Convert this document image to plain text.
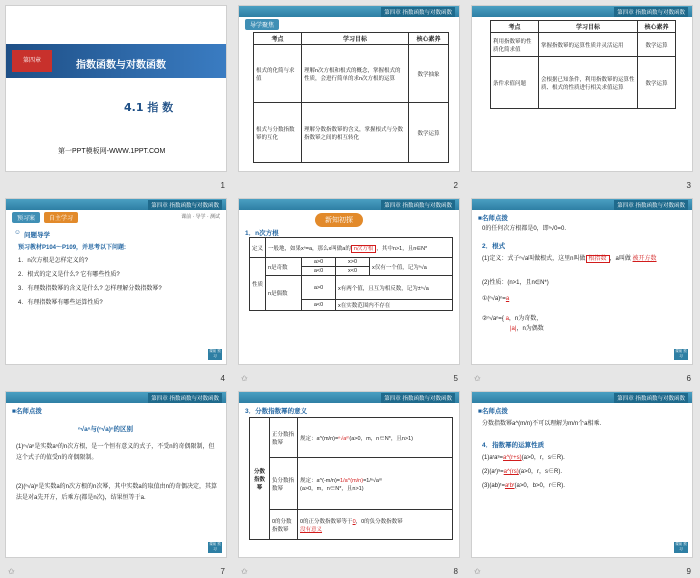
第四章	指数函数与对数函数
4.1 指 数
第一PPT模板网-WWW.1PPT.COM
1
第四章 指数函数与对数函数
导学聚焦
考点	学习目标	核心素养
根式的化简与求值	理解n次方根和根式的概念，掌握根式的性质，会进行简单的求n次方根的运算	数学抽象
根式与分数指数幂的互化	理解分数指数幂的含义，掌握根式与分数指数幂之间的相互转化	数学运算
2
第四章 指数函数与对数函数
考点	学习目标	核心素养
利用指数幂的性质化简求值	掌握指数幂的运算性质并灵活运用	数学运算
条件求值问题	会根据已知条件，利用指数幂的运算性质、根式的性质进行相关求值运算	数学运算
3
第四章 指数函数与对数函数
预习案	自主学习	课前 · 导学 · 测试
☺ 问题导学
预习教材P104～P109，并思考以下问题:
1．n次方根是怎样定义的?
2．根式的定义是什么? 它有哪些性质?
3．有理数指数幂的含义是什么? 怎样理解分数指数幂?
4．有理指数幂有哪些运算性质?
课前 预习
4
第四章 指数函数与对数函数
新知初探
1．n次方根
定义	一般地，如果xⁿ=a，那么x叫做a的 n次方根 ，其中n>1，且n∈N*			
性质	n是奇数	a>0	x>0	x仅有一个值，记为ⁿ√a
		a<0	x<0	
	n是偶数	a>0	x有两个值，且互为相反数，记为±ⁿ√a	
		a<0	x在实数范围内不存在	
✩	5
第四章 指数函数与对数函数
■名师点拨
0的任何次方根都是0，即ⁿ√0=0.
2．根式
(1)定义：式子ⁿ√a叫做根式，这里n叫做 根指数 ，a叫做 被开方数
(2)性质：(n>1，且n∈N*)
①(ⁿ√a)ⁿ=a
②ⁿ√aⁿ={ a，n为奇数，
|a|，n为偶数
课前 预习
✩	6
第四章 指数函数与对数函数
■名师点拨
ⁿ√aⁿ与(ⁿ√a)ⁿ的区别
(1)ⁿ√aⁿ是实数aⁿ的n次方根，是一个恒有意义的式子，不受n的奇偶限制，但这个式子的值受n的奇偶限制。
(2)(ⁿ√a)ⁿ是实数a的n次方根的n次幂，其中实数a的取值由n的奇偶决定，其算法是对a先开方，后乘方(都是n次)，结果恒等于a.
课前 预习
✩	7
第四章 指数函数与对数函数
3．分数指数幂的意义
分数指数幂	正分数指数幂	规定：a^(m/n)=ⁿ√aᵐ(a>0，m，n∈N*，且n>1)
	负分数指数幂	规定：a^(-m/n)=1/a^(m/n)=1/ⁿ√aᵐ
(a>0，m，n∈N*，且n>1)
	0的分数指数幂	0的正分数指数幂等于0，0的负分数指数幂
没有意义
✩	8
第四章 指数函数与对数函数
■名师点拨
分数指数幂a^(m/n)不可以理解为m/n个a相乘.
4．指数幂的运算性质
(1)aʳaˢ=a^(r+s)(a>0，r，s∈R).
(2)(aʳ)ˢ=a^(rs)(a>0，r，s∈R).
(3)(ab)ʳ=aʳbʳ(a>0，b>0，r∈R).
课前 预习
✩	9
